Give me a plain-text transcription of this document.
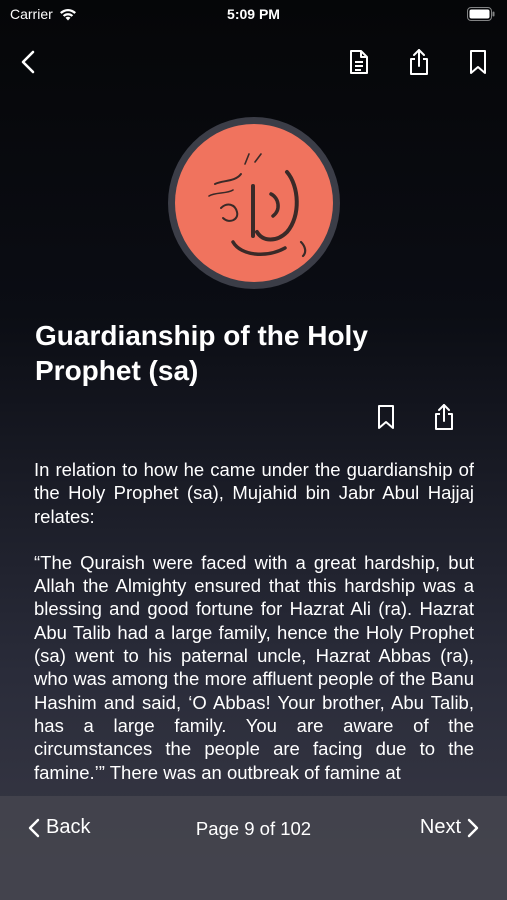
Carrier	5:09 PM
Guardianship of the Holy Prophet (sa)

In relation to how he came under the guardianship of the Holy Prophet (sa), Mujahid bin Jabr Abul Hajjaj relates:

“The Quraish were faced with a great hardship, but Allah the Almighty ensured that this hardship was a blessing and good fortune for Hazrat Ali (ra). Hazrat Abu Talib had a large family, hence the Holy Prophet (sa) went to his paternal uncle, Hazrat Abbas (ra), who was among the more affluent people of the Banu Hashim and said, ‘O Abbas! Your brother, Abu Talib, has a large family. You are aware of the circumstances the people are facing due to the famine.’” There was an outbreak of famine at

Back	Page 9 of 102	Next
